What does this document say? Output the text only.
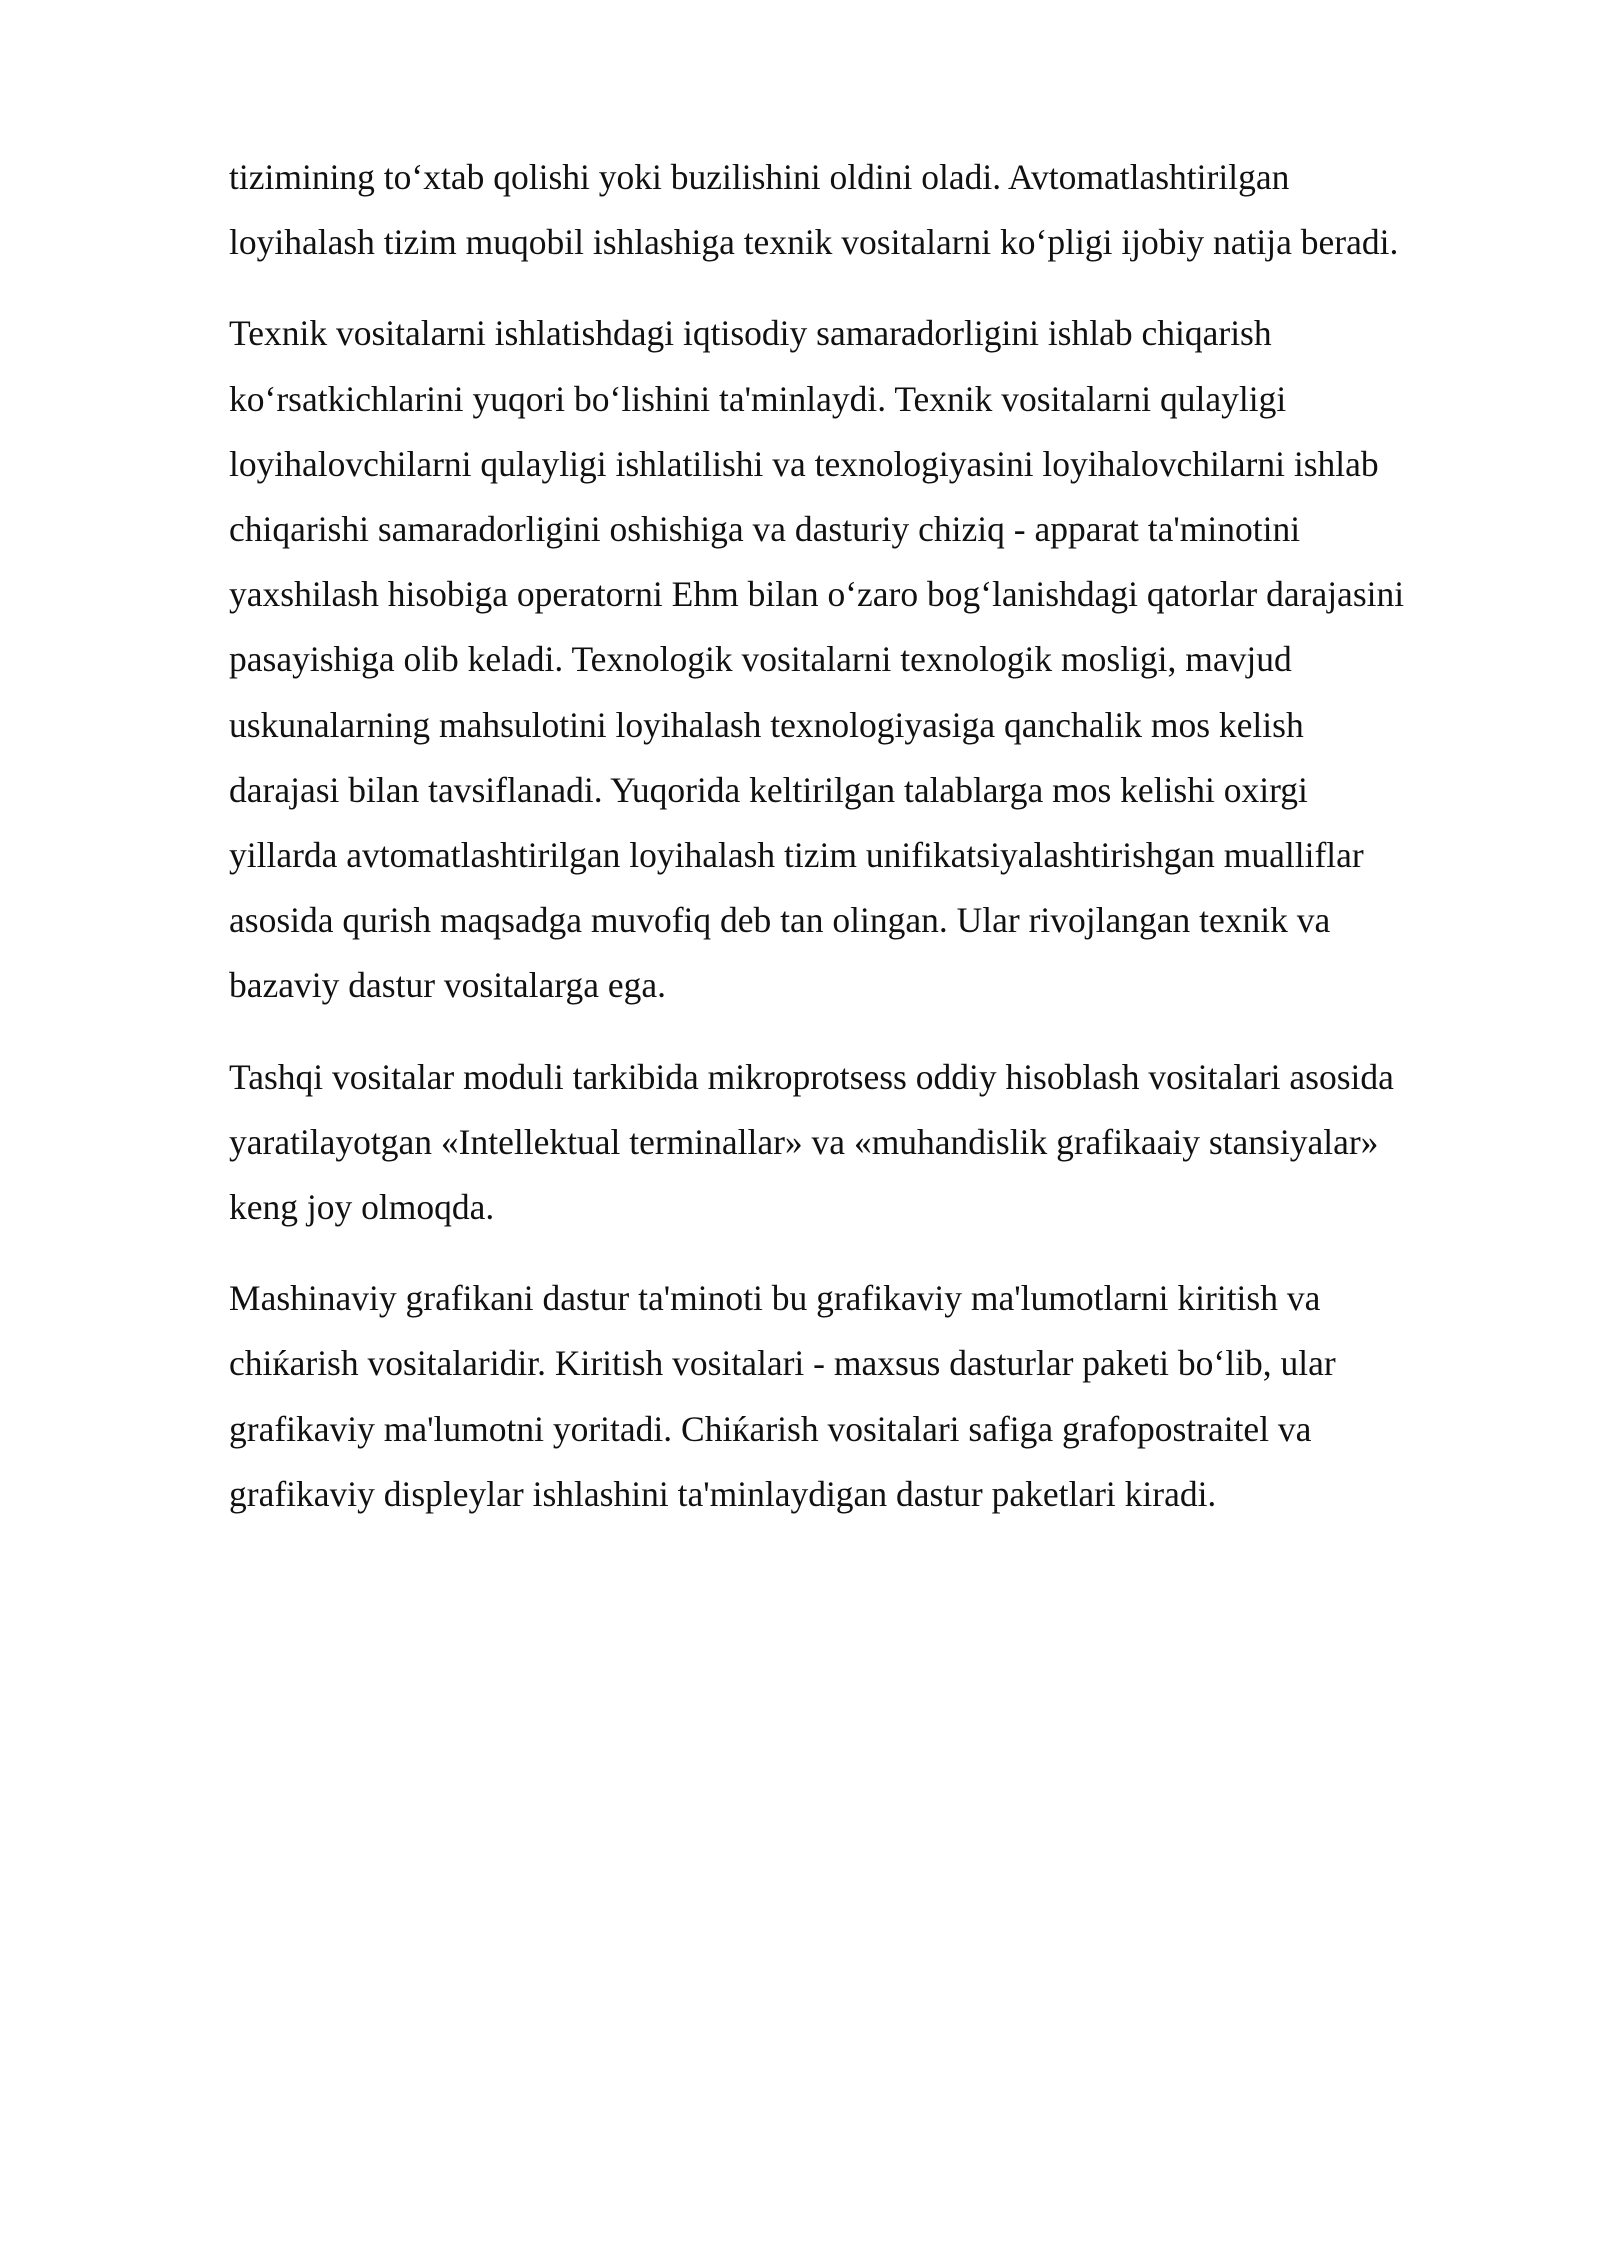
tizimining to‘xtab qolishi yoki buzilishini oldini oladi. Avtomatlashtirilgan
loyihalash tizim muqobil ishlashiga texnik vositalarni ko‘pligi ijobiy natija beradi.

Texnik vositalarni ishlatishdagi iqtisodiy samaradorligini ishlab chiqarish
ko‘rsatkichlarini yuqori bo‘lishini ta'minlaydi. Texnik vositalarni qulayligi
loyihalovchilarni qulayligi ishlatilishi va texnologiyasini loyihalovchilarni ishlab
chiqarishi samaradorligini oshishiga va dasturiy chiziq - apparat ta'minotini
yaxshilash hisobiga operatorni Ehm bilan o‘zaro bog‘lanishdagi qatorlar darajasini
pasayishiga olib keladi. Texnologik vositalarni texnologik mosligi, mavjud
uskunalarning mahsulotini loyihalash texnologiyasiga qanchalik mos kelish
darajasi bilan tavsiflanadi. Yuqorida keltirilgan talablarga mos kelishi oxirgi
yillarda avtomatlashtirilgan loyihalash tizim unifikatsiyalashtirishgan mualliflar
asosida qurish maqsadga muvofiq deb tan olingan. Ular rivojlangan texnik va
bazaviy dastur vositalarga ega.

Tashqi vositalar moduli tarkibida mikroprotsess oddiy hisoblash vositalari asosida
yaratilayotgan «Intellektual terminallar» va «muhandislik grafikaaiy stansiyalar»
keng joy olmoqda.

Mashinaviy grafikani dastur ta'minoti bu grafikaviy ma'lumotlarni kiritish va
chiќarish vositalaridir. Kiritish vositalari - maxsus dasturlar paketi bo‘lib, ular
grafikaviy ma'lumotni yoritadi. Chiќarish vositalari safiga grafopostraitel va
grafikaviy displeylar ishlashini ta'minlaydigan dastur paketlari kiradi.
